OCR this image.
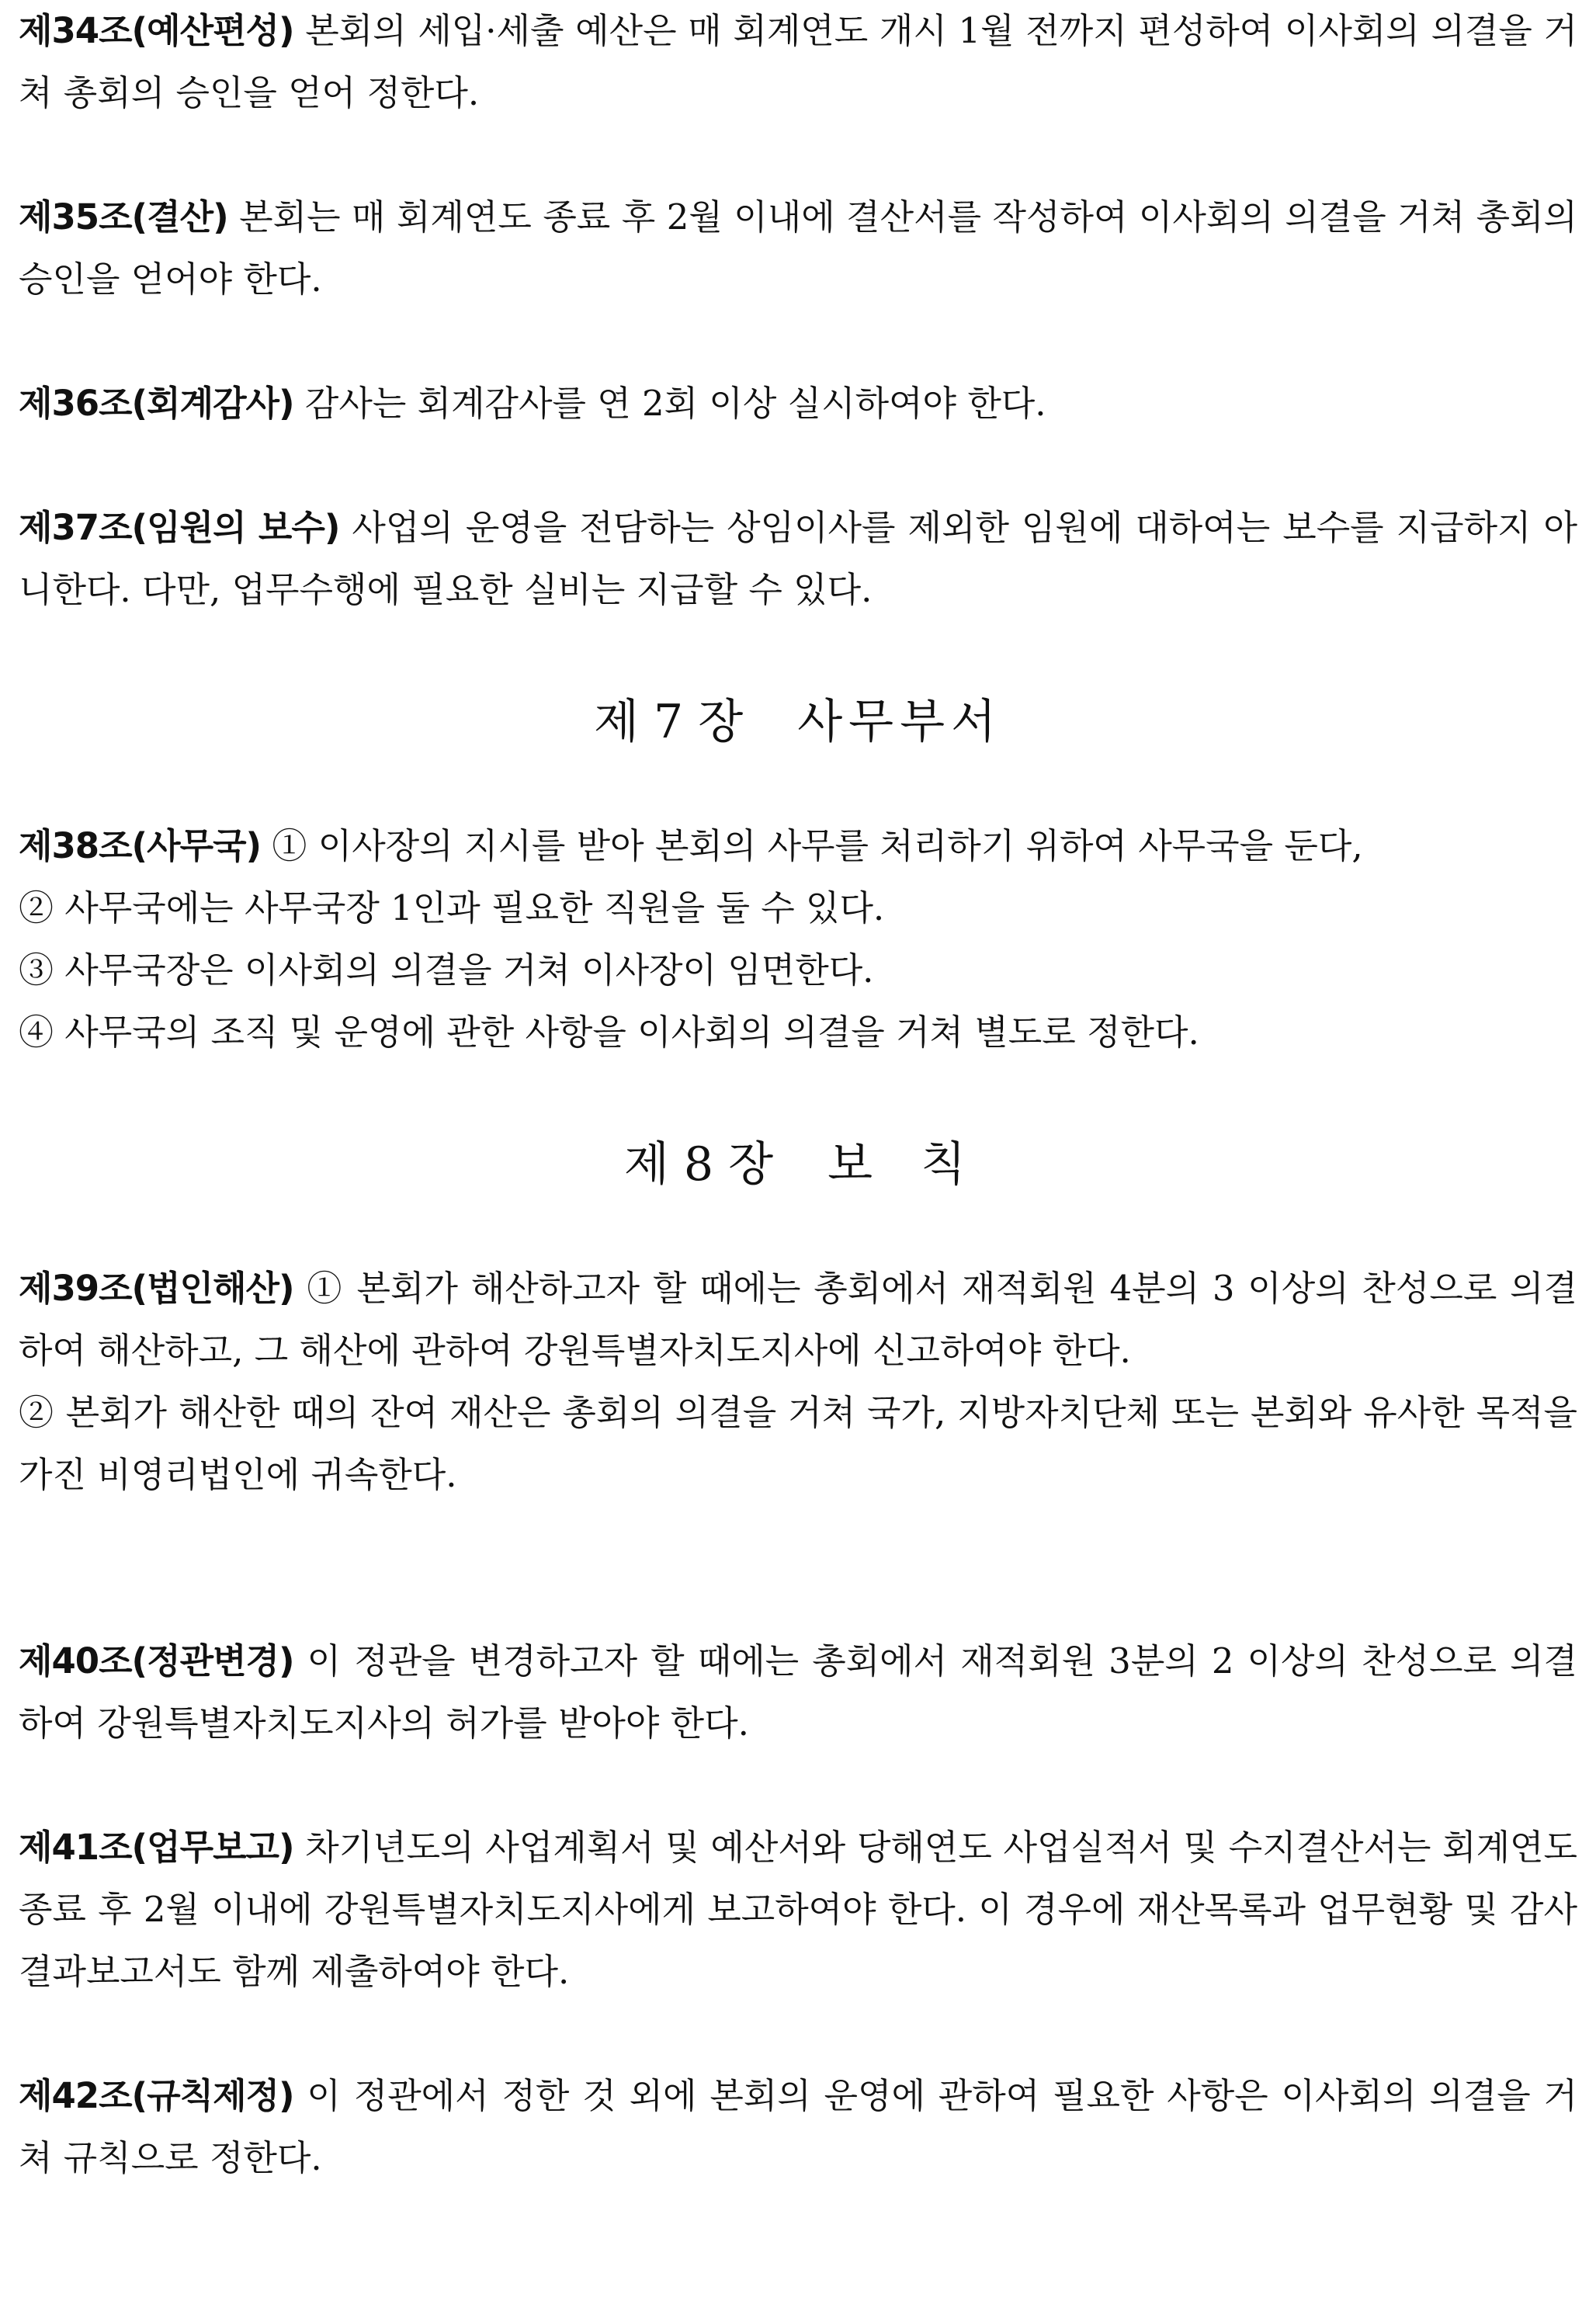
제34조(예산편성) 본회의 세입·세출 예산은 매 회계연도 개시 1월 전까지 편성하여 이사회의 의결을 거쳐 총회의 승인을 얻어 정한다.

제35조(결산) 본회는 매 회계연도 종료 후 2월 이내에 결산서를 작성하여 이사회의 의결을 거쳐 총회의 승인을 얻어야 한다.

제36조(회계감사) 감사는 회계감사를 연 2회 이상 실시하여야 한다.

제37조(임원의 보수) 사업의 운영을 전담하는 상임이사를 제외한 임원에 대하여는 보수를 지급하지 아니한다. 다만, 업무수행에 필요한 실비는 지급할 수 있다.

제 7 장 사무부서

제38조(사무국) ① 이사장의 지시를 받아 본회의 사무를 처리하기 위하여 사무국을 둔다,

② 사무국에는 사무국장 1인과 필요한 직원을 둘 수 있다.

③ 사무국장은 이사회의 의결을 거쳐 이사장이 임면한다.

④ 사무국의 조직 및 운영에 관한 사항을 이사회의 의결을 거쳐 별도로 정한다.

제 8 장 보  칙

제39조(법인해산) ① 본회가 해산하고자 할 때에는 총회에서 재적회원 4분의 3 이상의 찬성으로 의결하여 해산하고, 그 해산에 관하여 강원특별자치도지사에 신고하여야 한다.

② 본회가 해산한 때의 잔여 재산은 총회의 의결을 거쳐 국가, 지방자치단체 또는 본회와 유사한 목적을 가진 비영리법인에 귀속한다.

제40조(정관변경) 이 정관을 변경하고자 할 때에는 총회에서 재적회원 3분의 2 이상의 찬성으로 의결하여 강원특별자치도지사의 허가를 받아야 한다.

제41조(업무보고) 차기년도의 사업계획서 및 예산서와 당해연도 사업실적서 및 수지결산서는 회계연도 종료 후 2월 이내에 강원특별자치도지사에게 보고하여야 한다. 이 경우에 재산목록과 업무현황 및 감사 결과보고서도 함께 제출하여야 한다.

제42조(규칙제정) 이 정관에서 정한 것 외에 본회의 운영에 관하여 필요한 사항은 이사회의 의결을 거쳐 규칙으로 정한다.
